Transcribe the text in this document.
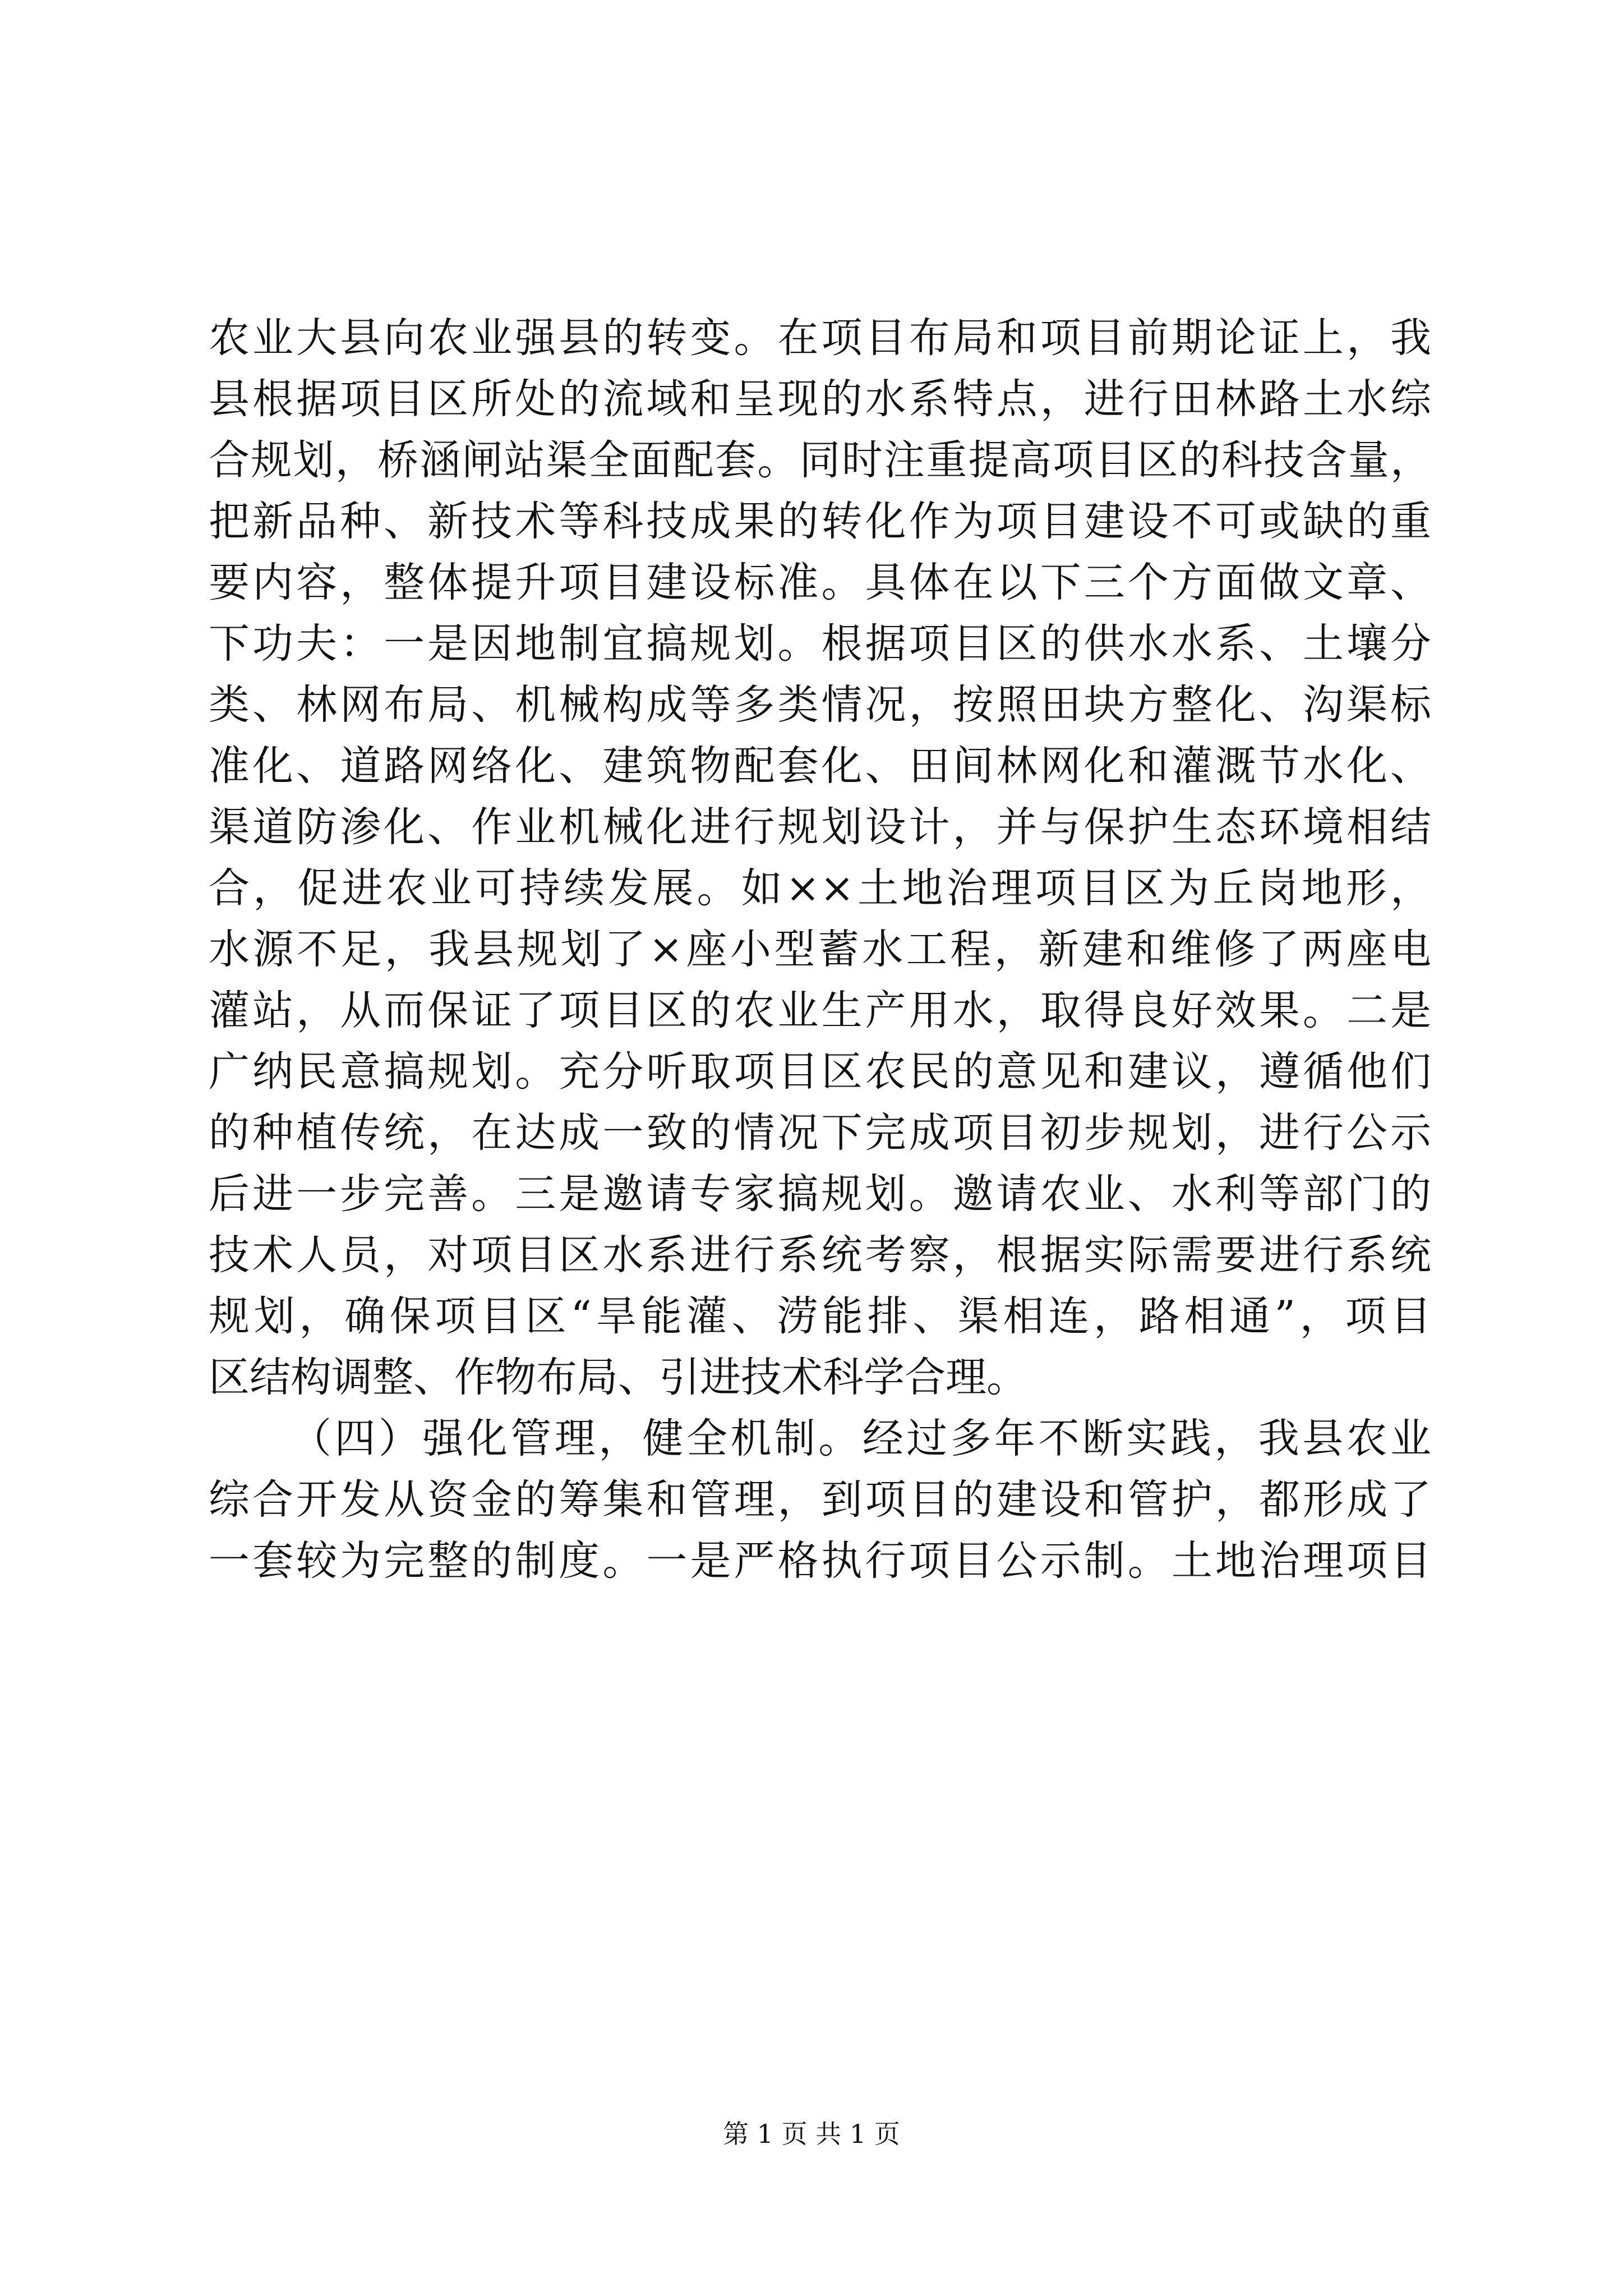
农业大县向农业强县的转变。在项目布局和项目前期论证上，我
县根据项目区所处的流域和呈现的水系特点，进行田林路土水综
合规划，桥涵闸站渠全面配套。同时注重提高项目区的科技含量，
把新品种、新技术等科技成果的转化作为项目建设不可或缺的重
要内容，整体提升项目建设标准。具体在以下三个方面做文章、
下功夫：一是因地制宜搞规划。根据项目区的供水水系、土壤分
类、林网布局、机械构成等多类情况，按照田块方整化、沟渠标
准化、道路网络化、建筑物配套化、田间林网化和灌溉节水化、
渠道防渗化、作业机械化进行规划设计，并与保护生态环境相结
合，促进农业可持续发展。如××土地治理项目区为丘岗地形，
水源不足，我县规划了×座小型蓄水工程，新建和维修了两座电
灌站，从而保证了项目区的农业生产用水，取得良好效果。二是
广纳民意搞规划。充分听取项目区农民的意见和建议，遵循他们
的种植传统，在达成一致的情况下完成项目初步规划，进行公示
后进一步完善。三是邀请专家搞规划。邀请农业、水利等部门的
技术人员，对项目区水系进行系统考察，根据实际需要进行系统
规划，确保项目区“旱能灌、涝能排、渠相连，路相通”，项目
区结构调整、作物布局、引进技术科学合理。
（四）强化管理，健全机制。经过多年不断实践，我县农业
综合开发从资金的筹集和管理，到项目的建设和管护，都形成了
一套较为完整的制度。一是严格执行项目公示制。土地治理项目
第 1 页 共 1 页
